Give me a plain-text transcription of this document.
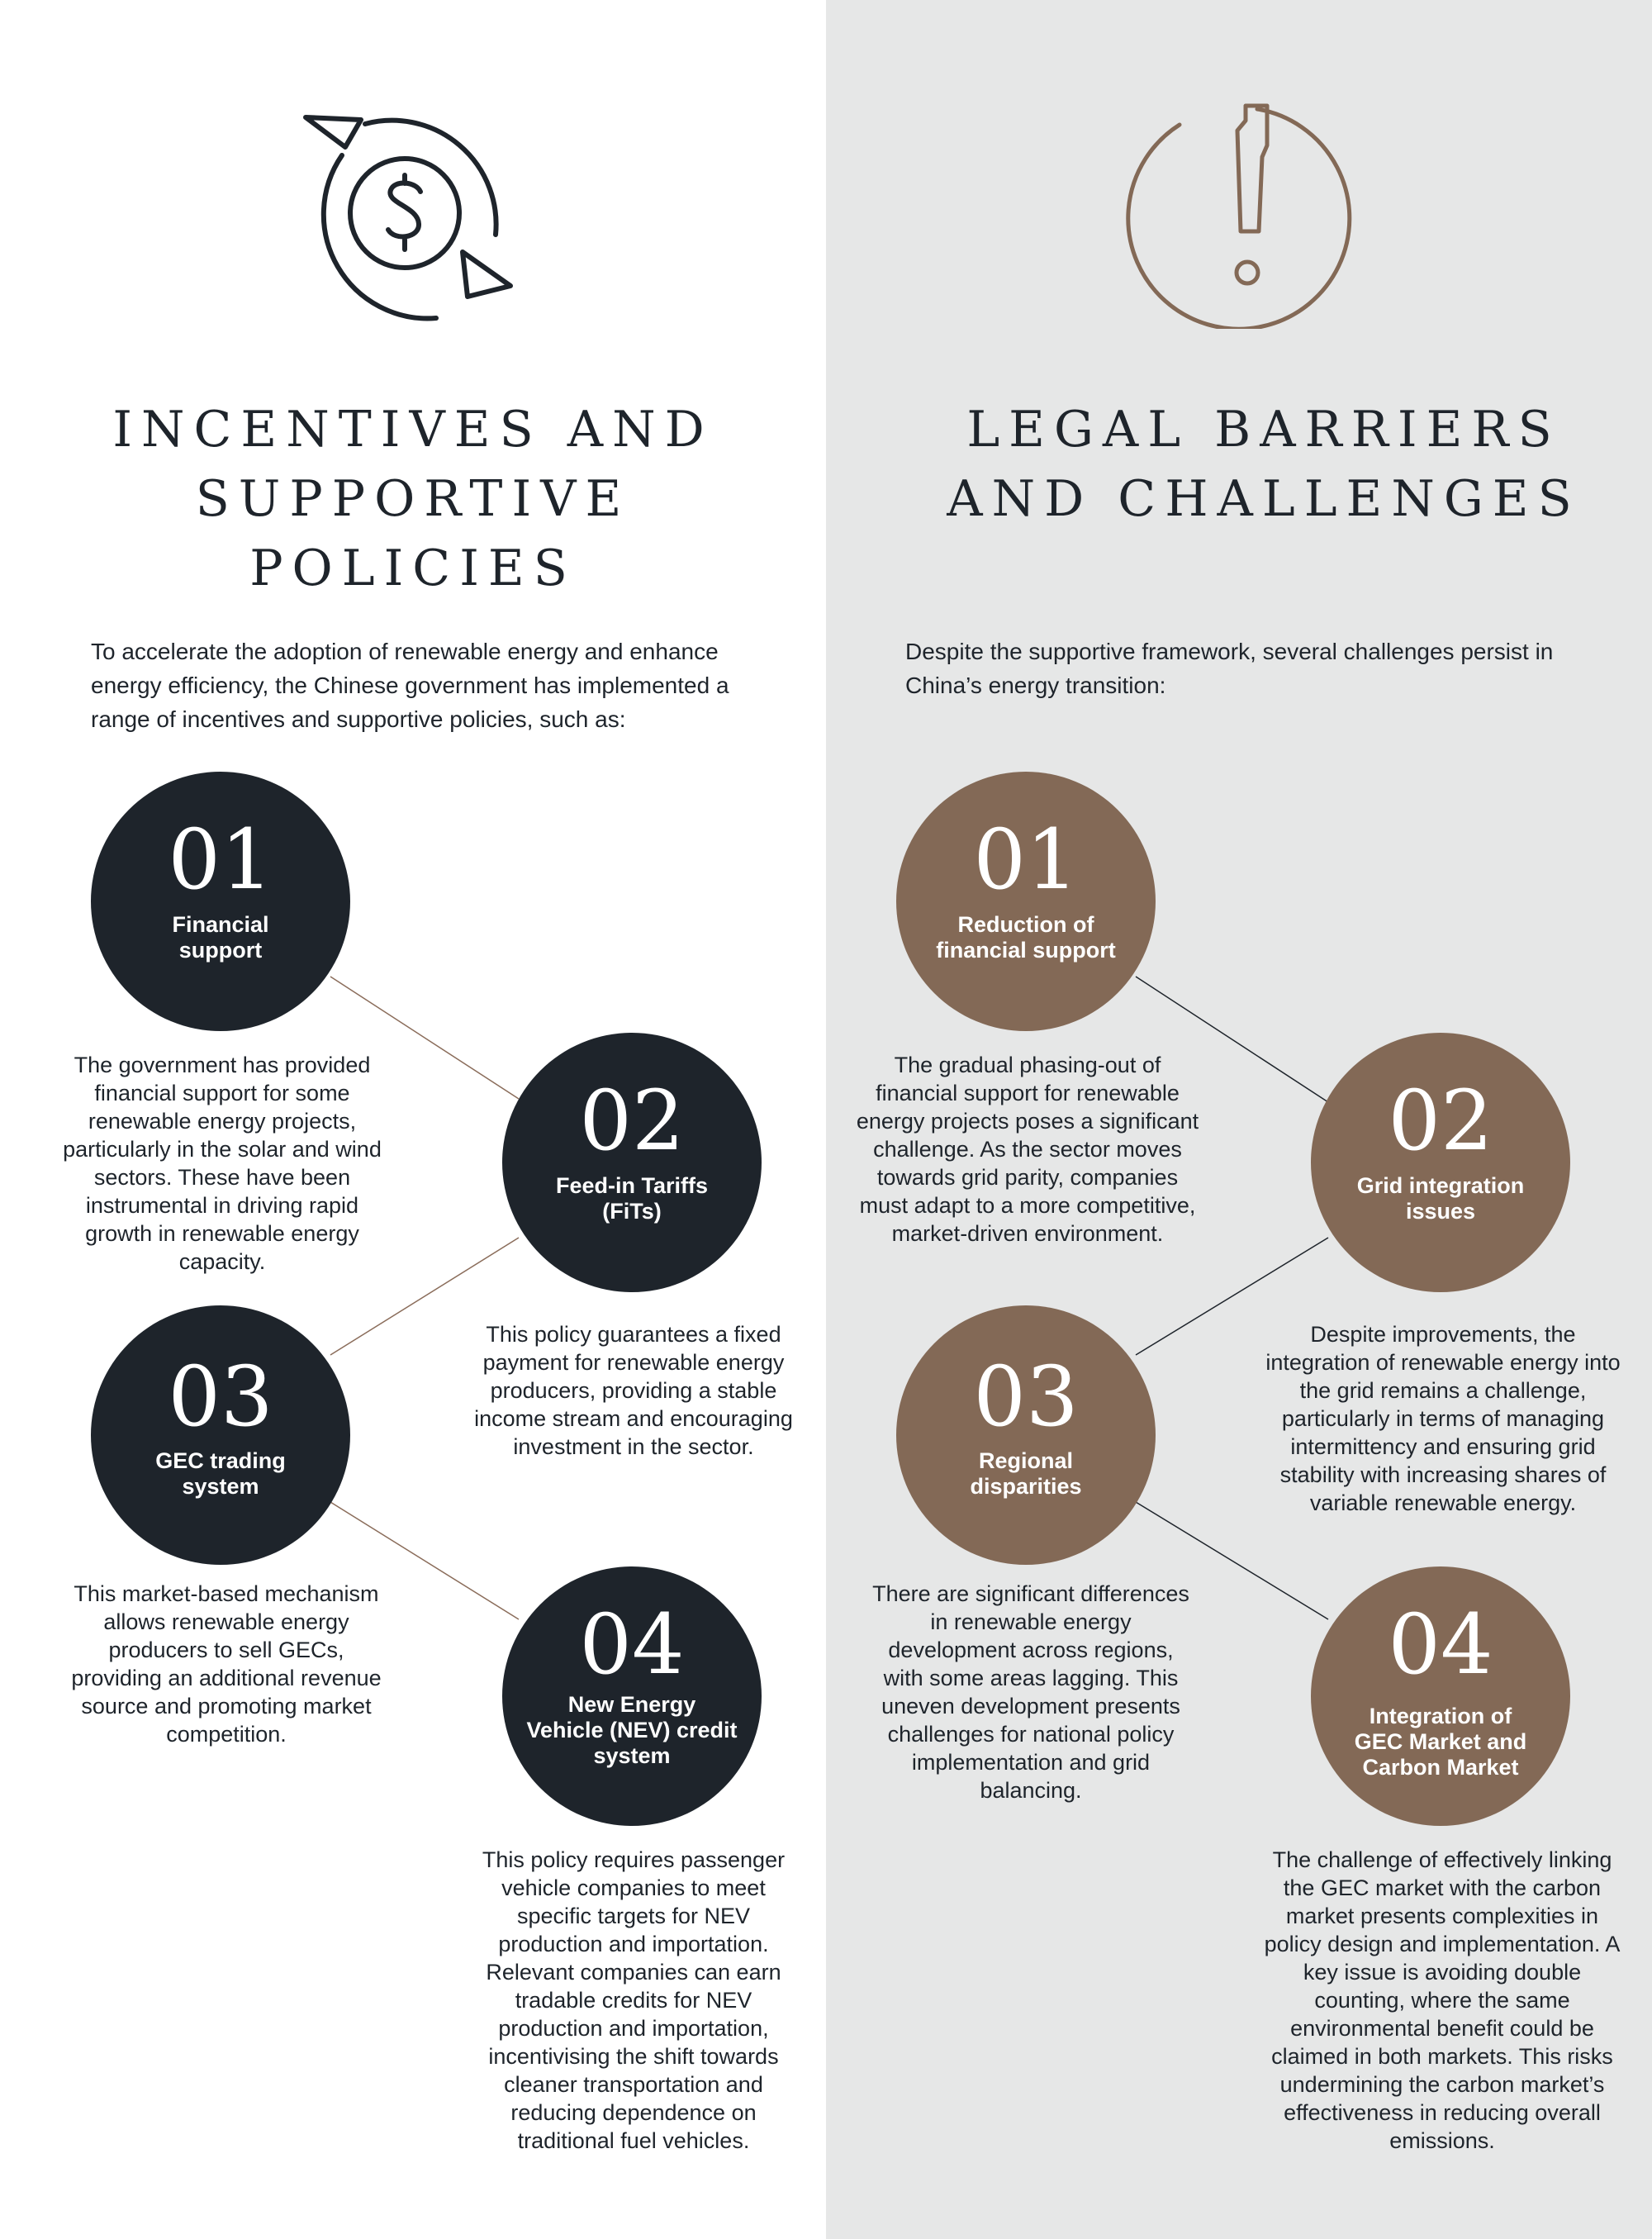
INCENTIVES AND
SUPPORTIVE
POLICIES
LEGAL BARRIERS
AND CHALLENGES

To accelerate the adoption of renewable energy and enhance energy efficiency, the Chinese government has implemented a range of incentives and supportive policies, such as:

Despite the supportive framework, several challenges persist in China’s energy transition:

01
Financial
support
02
Feed-in Tariffs
(FiTs)
03
GEC trading
system
04
New Energy
Vehicle (NEV) credit
system
01
Reduction of
financial support
02
Grid integration
issues
03
Regional
disparities
04
Integration of
GEC Market and
Carbon Market

The government has provided financial support for some renewable energy projects, particularly in the solar and wind sectors. These have been instrumental in driving rapid growth in renewable energy capacity.

This policy guarantees a fixed payment for renewable energy producers, providing a stable income stream and encouraging investment in the sector.

This market-based mechanism allows renewable energy producers to sell GECs, providing an additional revenue source and promoting market competition.

This policy requires passenger vehicle companies to meet specific targets for NEV production and importation. Relevant companies can earn tradable credits for NEV production and importation, incentivising the shift towards cleaner transportation and reducing dependence on traditional fuel vehicles.

The gradual phasing-out of financial support for renewable energy projects poses a significant challenge. As the sector moves towards grid parity, companies must adapt to a more competitive, market-driven environment.

Despite improvements, the integration of renewable energy into the grid remains a challenge, particularly in terms of managing intermittency and ensuring grid stability with increasing shares of variable renewable energy.

There are significant differences in renewable energy development across regions, with some areas lagging. This uneven development presents challenges for national policy implementation and grid balancing.

The challenge of effectively linking the GEC market with the carbon market presents complexities in policy design and implementation. A key issue is avoiding double counting, where the same environmental benefit could be claimed in both markets. This risks undermining the carbon market’s effectiveness in reducing overall emissions.
